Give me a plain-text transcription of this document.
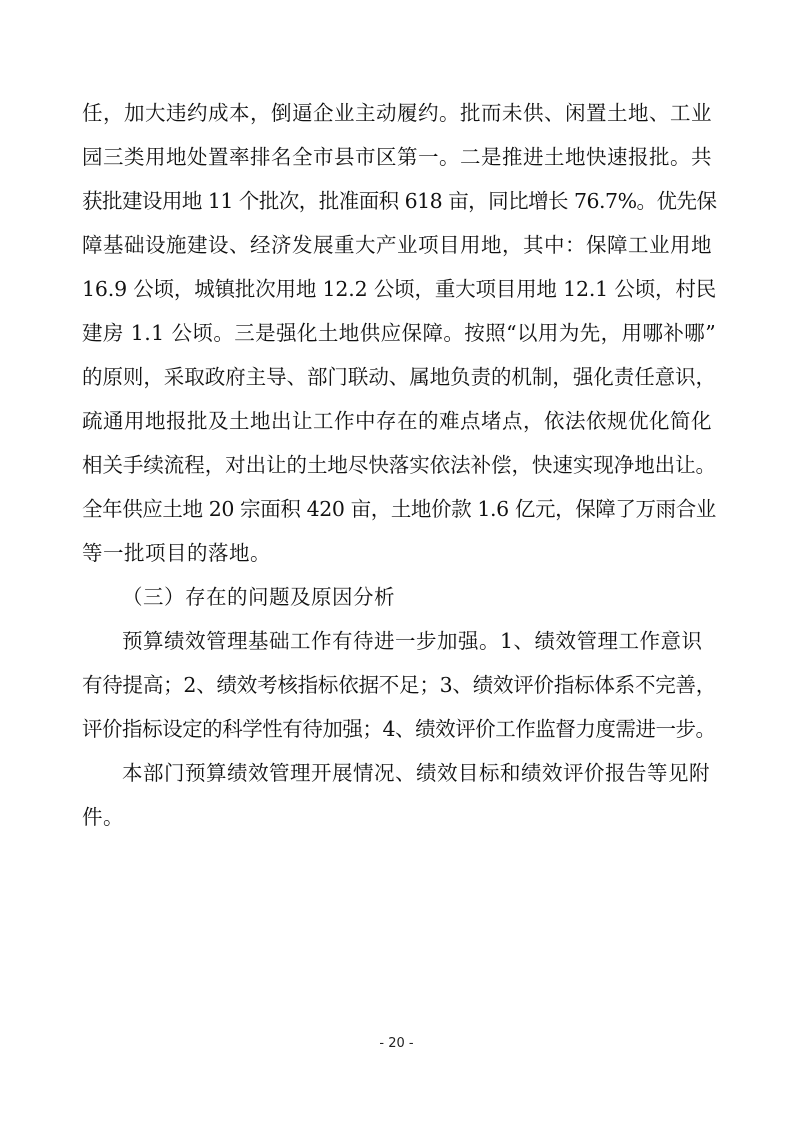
任，加大违约成本，倒逼企业主动履约。批而未供、闲置土地、工业
园三类用地处置率排名全市县市区第一。二是推进土地快速报批。共
获批建设用地 11 个批次，批准面积 618 亩，同比增长 76.7%。优先保
障基础设施建设、经济发展重大产业项目用地，其中：保障工业用地
16.9 公顷，城镇批次用地 12.2 公顷，重大项目用地 12.1 公顷，村民
建房 1.1 公顷。三是强化土地供应保障。按照“以用为先，用哪补哪”
的原则，采取政府主导、部门联动、属地负责的机制，强化责任意识，
疏通用地报批及土地出让工作中存在的难点堵点，依法依规优化简化
相关手续流程，对出让的土地尽快落实依法补偿，快速实现净地出让。
全年供应土地 20 宗面积 420 亩，土地价款 1.6 亿元，保障了万雨合业
等一批项目的落地。
（三）存在的问题及原因分析
预算绩效管理基础工作有待进一步加强。1、绩效管理工作意识
有待提高；2、绩效考核指标依据不足；3、绩效评价指标体系不完善，
评价指标设定的科学性有待加强；4、绩效评价工作监督力度需进一步。
本部门预算绩效管理开展情况、绩效目标和绩效评价报告等见附
件。
- 20 -
